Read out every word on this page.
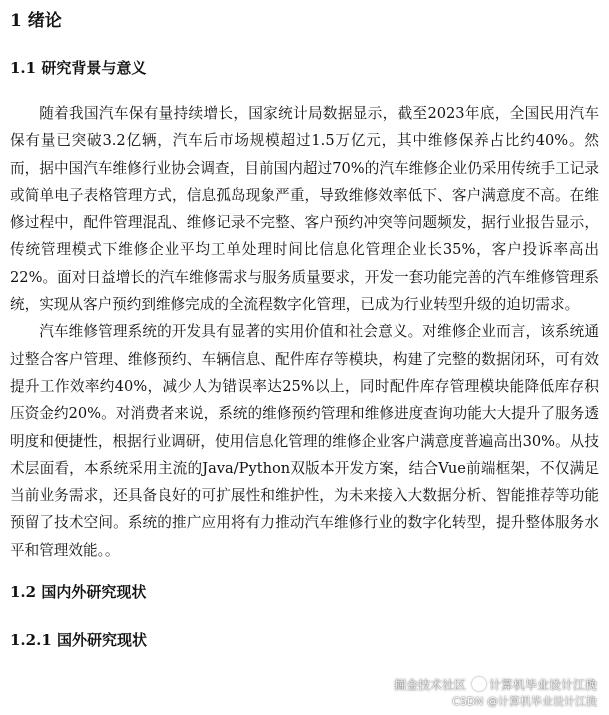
1 绪论
1.1 研究背景与意义

随着我国汽车保有量持续增长，国家统计局数据显示，截至2023年底，全国民用汽车保有量已突破3.2亿辆，汽车后市场规模超过1.5万亿元，其中维修保养占比约40%。然而，据中国汽车维修行业协会调查，目前国内超过70%的汽车维修企业仍采用传统手工记录或简单电子表格管理方式，信息孤岛现象严重，导致维修效率低下、客户满意度不高。在维修过程中，配件管理混乱、维修记录不完整、客户预约冲突等问题频发，据行业报告显示，传统管理模式下维修企业平均工单处理时间比信息化管理企业长35%，客户投诉率高出22%。面对日益增长的汽车维修需求与服务质量要求，开发一套功能完善的汽车维修管理系统，实现从客户预约到维修完成的全流程数字化管理，已成为行业转型升级的迫切需求。

汽车维修管理系统的开发具有显著的实用价值和社会意义。对维修企业而言，该系统通过整合客户管理、维修预约、车辆信息、配件库存等模块，构建了完整的数据闭环，可有效提升工作效率约40%，减少人为错误率达25%以上，同时配件库存管理模块能降低库存积压资金约20%。对消费者来说，系统的维修预约管理和维修进度查询功能大大提升了服务透明度和便捷性，根据行业调研，使用信息化管理的维修企业客户满意度普遍高出30%。从技术层面看，本系统采用主流的Java/Python双版本开发方案，结合Vue前端框架，不仅满足当前业务需求，还具备良好的可扩展性和维护性，为未来接入大数据分析、智能推荐等功能预留了技术空间。系统的推广应用将有力推动汽车维修行业的数字化转型，提升整体服务水平和管理效能。。

1.2 国内外研究现状
1.2.1 国外研究现状
掘金技术社区 计算机毕业设计江挽
CSDN @计算机毕业设计江挽
